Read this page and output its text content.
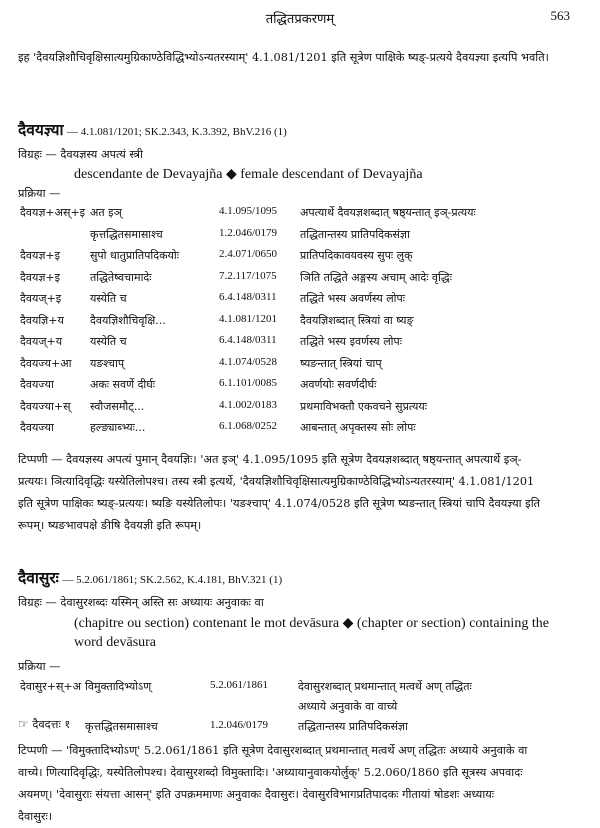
तद्धितप्रकरणम्	563
इह 'दैवयज्ञिशौचिवृक्षिसात्यमुग्रिकाण्ठेविद्धिभ्योऽन्यतरस्याम्' 4.1.081/1201 इति सूत्रेण पाक्षिके ष्यङ्-प्रत्यये दैवयज्ञ्या इत्यपि भवति।
दैवयज्ञ्या — 4.1.081/1201; SK.2.343, K.3.392, BhV.216 (1)
विग्रहः — दैवयज्ञस्य अपत्यं स्त्री
descendante de Devayajña ◆ female descendant of Devayajña
प्रक्रिया —
दैवयज्ञ+अस्+इ अत इञ्	4.1.095/1095 अपत्यार्थे दैवयज्ञशब्दात् षष्ठ्यन्तात् इञ्-प्रत्ययः
कृत्तद्धितसमासाश्च	1.2.046/0179 तद्धितान्तस्य प्रातिपदिकसंज्ञा
दैवयज्ञ+इ	सुपो धातुप्रातिपदिकयोः	2.4.071/0650 प्रातिपदिकावयवस्य सुपः लुक्
दैवयज्ञ+इ	तद्धितेष्वचामादेः	7.2.117/1075 ञिति तद्धिते अङ्गस्य अचाम् आदेः वृद्धिः
दैवयज्+इ	यस्येति च	6.4.148/0311 तद्धिते भस्य अवर्णस्य लोपः
दैवयज्ञि+य दैवयज्ञिशौचिवृक्षि...	4.1.081/1201 दैवयज्ञिशब्दात् स्त्रियां वा ष्यङ्
दैवयज्+य	यस्येति च	6.4.148/0311 तद्धिते भस्य इवर्णस्य लोपः
दैवयज्य+आ यङश्चाप्	4.1.074/0528 ष्यङन्तात् स्त्रियां चाप्
दैवयज्या	अकः सवर्णे दीर्घः	6.1.101/0085 अवर्णयोः सवर्णदीर्घः
दैवयज्या+स् स्वौजसमौट्...	4.1.002/0183 प्रथमाविभक्तौ एकवचने सुप्रत्ययः
दैवयज्या	हल्ङ्याब्भ्यः...	6.1.068/0252 आबन्तात् अपृक्तस्य सोः लोपः
टिप्पणी — दैवयज्ञस्य अपत्यं पुमान् दैवयज्ञिः। 'अत इञ्' 4.1.095/1095 इति सूत्रेण दैवयज्ञशब्दात् षष्ठ्यन्तात् अपत्यार्थे इञ्-
प्रत्ययः। ञित्यादिवृद्धिः यस्येतिलोपश्च। तस्य स्त्री इत्यर्थे, 'दैवयज्ञिशौचिवृक्षिसात्यमुग्रिकाण्ठेविद्धिभ्योऽन्यतरस्याम्' 4.1.081/1201
इति सूत्रेण पाक्षिकः ष्यङ्-प्रत्ययः। ष्यङि यस्येतिलोपः। 'यङश्चाप्' 4.1.074/0528 इति सूत्रेण ष्यङन्तात् स्त्रियां चापि दैवयज्ञ्या इति
रूपम्। ष्यङभावपक्षे ङीषि दैवयज्ञी इति रूपम्।
दैवासुरः — 5.2.061/1861; SK.2.562, K.4.181, BhV.321 (1)
विग्रहः — देवासुरशब्दः यस्मिन् अस्ति सः अध्यायः अनुवाकः वा
(chapitre ou section) contenant le mot devāsura ◆ (chapter or section) containing the
word devāsura
प्रक्रिया —
देवासुर+स्+अ विमुक्तादिभ्योऽण्	5.2.061/1861	देवासुरशब्दात् प्रथमान्तात् मत्वर्थे अण् तद्धितः
अध्याये अनुवाके वा वाच्ये
कृत्तद्धितसमासाश्च	1.2.046/0179	तद्धितान्तस्य प्रातिपदिकसंज्ञा
☞ दैवदत्तः १
टिप्पणी — 'विमुक्तादिभ्योऽण्' 5.2.061/1861 इति सूत्रेण देवासुरशब्दात् प्रथमान्तात् मत्वर्थे अण् तद्धितः अध्याये अनुवाके वा
वाच्ये। णित्यादिवृद्धिः, यस्येतिलोपश्च। देवासुरशब्दो विमुक्तादिः। 'अध्यायानुवाकयोर्लुक्' 5.2.060/1860 इति सूत्रस्य अपवादः
अयमण्। 'देवासुराः संयत्ता आसन्' इति उपक्रममाणः अनुवाकः दैवासुरः। देवासुरविभागप्रतिपादकः गीतायां षोडशः अध्यायः
दैवासुरः।
